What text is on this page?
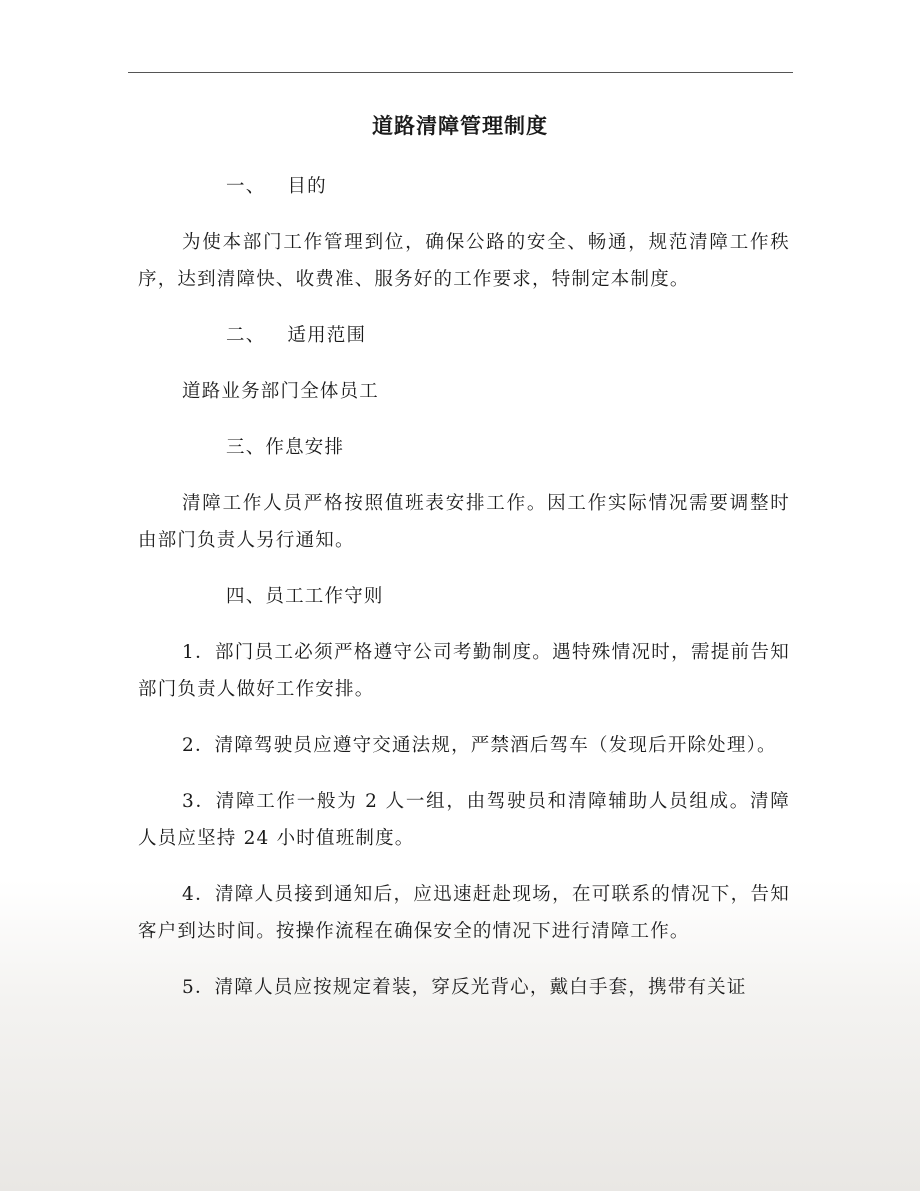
道路清障管理制度

一、 目的

为使本部门工作管理到位，确保公路的安全、畅通，规范清障工作秩序，达到清障快、收费准、服务好的工作要求，特制定本制度。

二、 适用范围

道路业务部门全体员工

三、作息安排

清障工作人员严格按照值班表安排工作。因工作实际情况需要调整时由部门负责人另行通知。

四、员工工作守则

1．部门员工必须严格遵守公司考勤制度。遇特殊情况时，需提前告知部门负责人做好工作安排。

2．清障驾驶员应遵守交通法规，严禁酒后驾车（发现后开除处理）。

3．清障工作一般为 2 人一组，由驾驶员和清障辅助人员组成。清障人员应坚持 24 小时值班制度。

4．清障人员接到通知后，应迅速赶赴现场，在可联系的情况下，告知客户到达时间。按操作流程在确保安全的情况下进行清障工作。

5．清障人员应按规定着装，穿反光背心，戴白手套，携带有关证
